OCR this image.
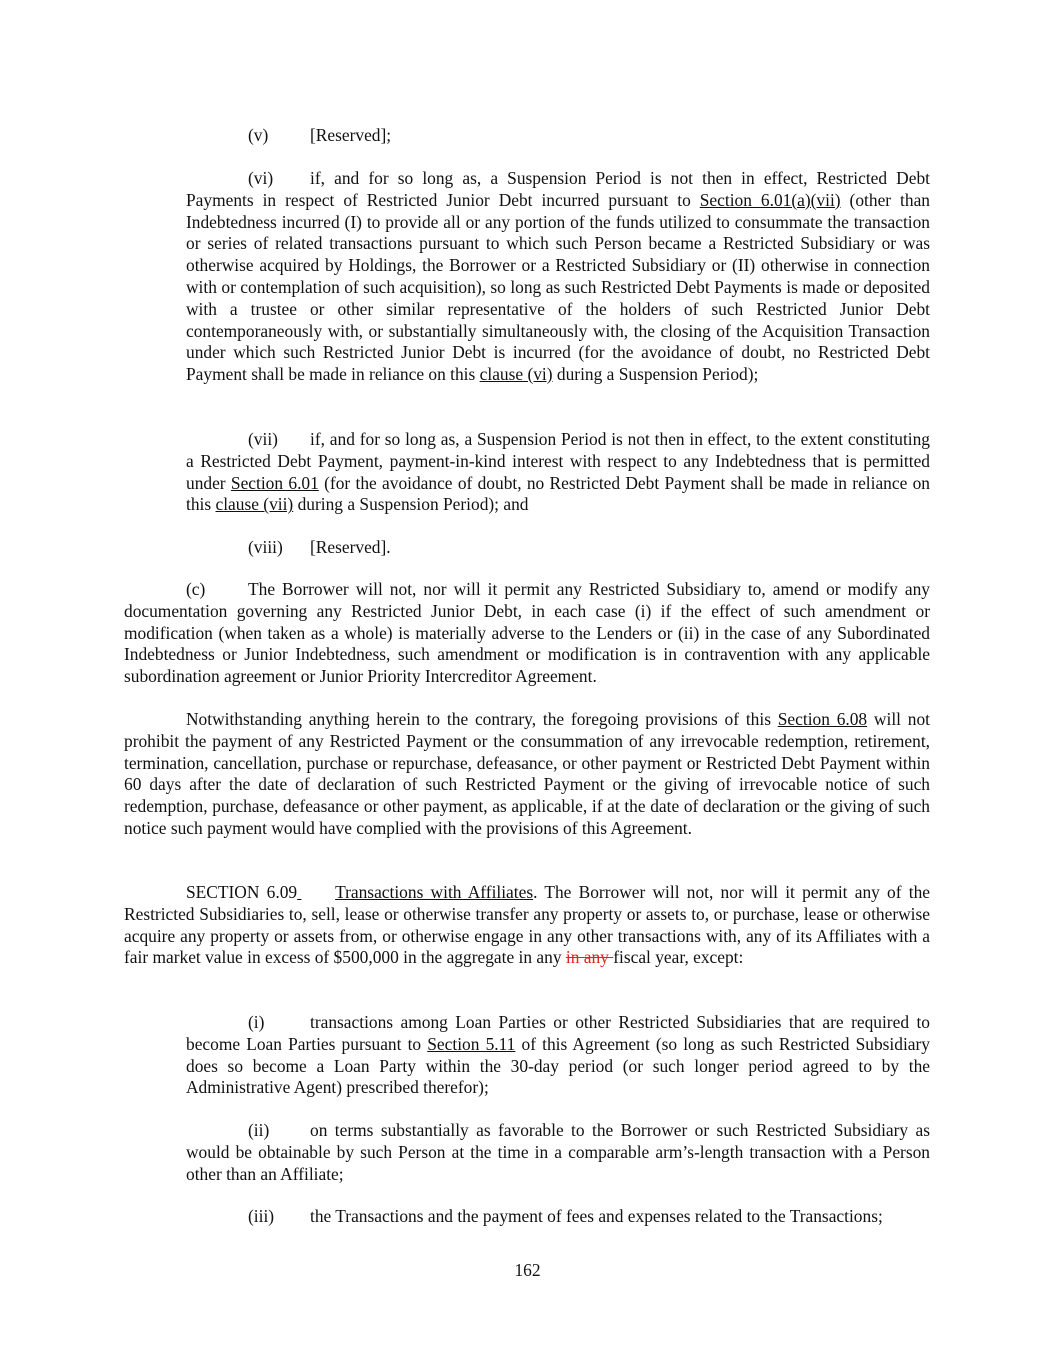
(v) [Reserved];

(vi) if, and for so long as, a Suspension Period is not then in effect, Restricted Debt Payments in respect of Restricted Junior Debt incurred pursuant to Section 6.01(a)(vii) (other than Indebtedness incurred (I) to provide all or any portion of the funds utilized to consummate the transaction or series of related transactions pursuant to which such Person became a Restricted Subsidiary or was otherwise acquired by Holdings, the Borrower or a Restricted Subsidiary or (II) otherwise in connection with or contemplation of such acquisition), so long as such Restricted Debt Payments is made or deposited with a trustee or other similar representative of the holders of such Restricted Junior Debt contemporaneously with, or substantially simultaneously with, the closing of the Acquisition Transaction under which such Restricted Junior Debt is incurred (for the avoidance of doubt, no Restricted Debt Payment shall be made in reliance on this clause (vi) during a Suspension Period);

(vii) if, and for so long as, a Suspension Period is not then in effect, to the extent constituting a Restricted Debt Payment, payment-in-kind interest with respect to any Indebtedness that is permitted under Section 6.01 (for the avoidance of doubt, no Restricted Debt Payment shall be made in reliance on this clause (vii) during a Suspension Period); and

(viii) [Reserved].

(c) The Borrower will not, nor will it permit any Restricted Subsidiary to, amend or modify any documentation governing any Restricted Junior Debt, in each case (i) if the effect of such amendment or modification (when taken as a whole) is materially adverse to the Lenders or (ii) in the case of any Subordinated Indebtedness or Junior Indebtedness, such amendment or modification is in contravention with any applicable subordination agreement or Junior Priority Intercreditor Agreement.

Notwithstanding anything herein to the contrary, the foregoing provisions of this Section 6.08 will not prohibit the payment of any Restricted Payment or the consummation of any irrevocable redemption, retirement, termination, cancellation, purchase or repurchase, defeasance, or other payment or Restricted Debt Payment within 60 days after the date of declaration of such Restricted Payment or the giving of irrevocable notice of such redemption, purchase, defeasance or other payment, as applicable, if at the date of declaration or the giving of such notice such payment would have complied with the provisions of this Agreement.

SECTION 6.09 Transactions with Affiliates. The Borrower will not, nor will it permit any of the Restricted Subsidiaries to, sell, lease or otherwise transfer any property or assets to, or purchase, lease or otherwise acquire any property or assets from, or otherwise engage in any other transactions with, any of its Affiliates with a fair market value in excess of $500,000 in the aggregate in any in any fiscal year, except:

(i)	transactions among Loan Parties or other Restricted Subsidiaries that are required to become Loan Parties pursuant to Section 5.11 of this Agreement (so long as such Restricted Subsidiary does so become a Loan Party within the 30-day period (or such longer period agreed to by the Administrative Agent) prescribed therefor);

(ii) on terms substantially as favorable to the Borrower or such Restricted Subsidiary as would be obtainable by such Person at the time in a comparable arm’s-length transaction with a Person other than an Affiliate;

(iii) the Transactions and the payment of fees and expenses related to the Transactions;

162
